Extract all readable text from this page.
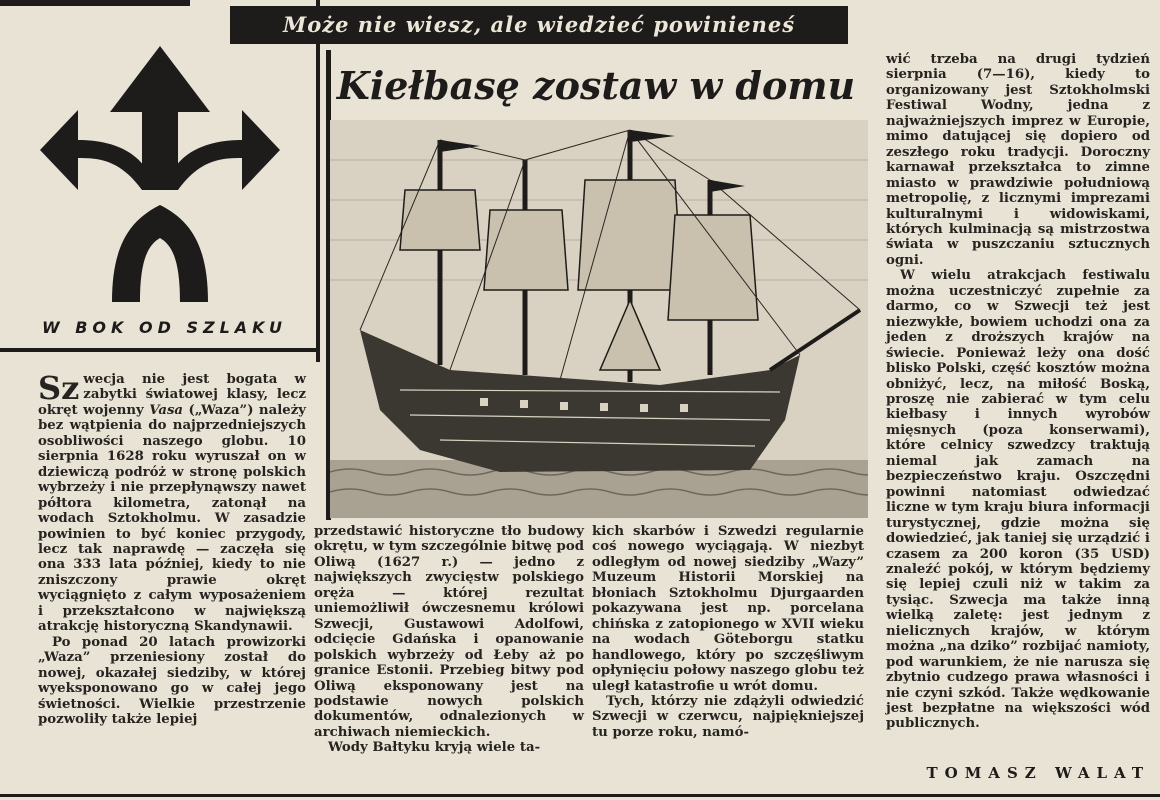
W BOK OD SZLAKU
Może nie wiesz, ale wiedzieć powinieneś
Kiełbasę zostaw w domu

Sz wecja nie jest bogata w zabytki światowej klasy, lecz okręt wojenny Vasa („Waza”) należy bez wątpienia do najprzedniejszych osobliwości naszego globu. 10 sierpnia 1628 roku wyruszał on w dziewiczą podróż w stronę polskich wybrzeży i nie przepłynąwszy nawet półtora kilometra, zatonął na wodach Sztokholmu. W zasadzie powinien to być koniec przygody, lecz tak naprawdę — zaczęła się ona 333 lata później, kiedy to nie zniszczony prawie okręt wyciągnięto z całym wyposażeniem i przekształcono w największą atrakcję historyczną Skandynawii.

Po ponad 20 latach prowizorki „Waza” przeniesiony został do nowej, okazałej siedziby, w której wyeksponowano go w całej jego świetności. Wielkie przestrzenie pozwoliły także lepiej

przedstawić historyczne tło budowy okrętu, w tym szczególnie bitwę pod Oliwą (1627 r.) — jedno z największych zwycięstw polskiego oręża — której rezultat uniemożliwił ówczesnemu królowi Szwecji, Gustawowi Adolfowi, odcięcie Gdańska i opanowanie polskich wybrzeży od Łeby aż po granice Estonii. Przebieg bitwy pod Oliwą eksponowany jest na podstawie nowych polskich dokumentów, odnalezionych w archiwach niemieckich.

Wody Bałtyku kryją wiele ta-

kich skarbów i Szwedzi regularnie coś nowego wyciągają. W niezbyt odległym od nowej siedziby „Wazy” Muzeum Historii Morskiej na błoniach Sztokholmu Djurgaarden pokazywana jest np. porcelana chińska z zatopionego w XVII wieku na wodach Göteborgu statku handlowego, który po szczęśliwym opłynięciu połowy naszego globu też uległ katastrofie u wrót domu.

Tych, którzy nie zdążyli odwiedzić Szwecji w czerwcu, najpiękniejszej tu porze roku, namó-

wić trzeba na drugi tydzień sierpnia (7—16), kiedy to organizowany jest Sztokholmski Festiwal Wodny, jedna z najważniejszych imprez w Europie, mimo datującej się dopiero od zeszłego roku tradycji. Doroczny karnawał przekształca to zimne miasto w prawdziwie południową metropolię, z licznymi imprezami kulturalnymi i widowiskami, których kulminacją są mistrzostwa świata w puszczaniu sztucznych ogni.

W wielu atrakcjach festiwalu można uczestniczyć zupełnie za darmo, co w Szwecji też jest niezwykłe, bowiem uchodzi ona za jeden z droższych krajów na świecie. Ponieważ leży ona dość blisko Polski, część kosztów można obniżyć, lecz, na miłość Boską, proszę nie zabierać w tym celu kiełbasy i innych wyrobów mięsnych (poza konserwami), które celnicy szwedzcy traktują niemal jak zamach na bezpieczeństwo kraju. Oszczędni powinni natomiast odwiedzać liczne w tym kraju biura informacji turystycznej, gdzie można się dowiedzieć, jak taniej się urządzić i czasem za 200 koron (35 USD) znaleźć pokój, w którym będziemy się lepiej czuli niż w takim za tysiąc. Szwecja ma także inną wielką zaletę: jest jednym z nielicznych krajów, w którym można „na dziko” rozbijać namioty, pod warunkiem, że nie narusza się zbytnio cudzego prawa własności i nie czyni szkód. Także wędkowanie jest bezpłatne na większości wód publicznych.

TOMASZ WALAT
